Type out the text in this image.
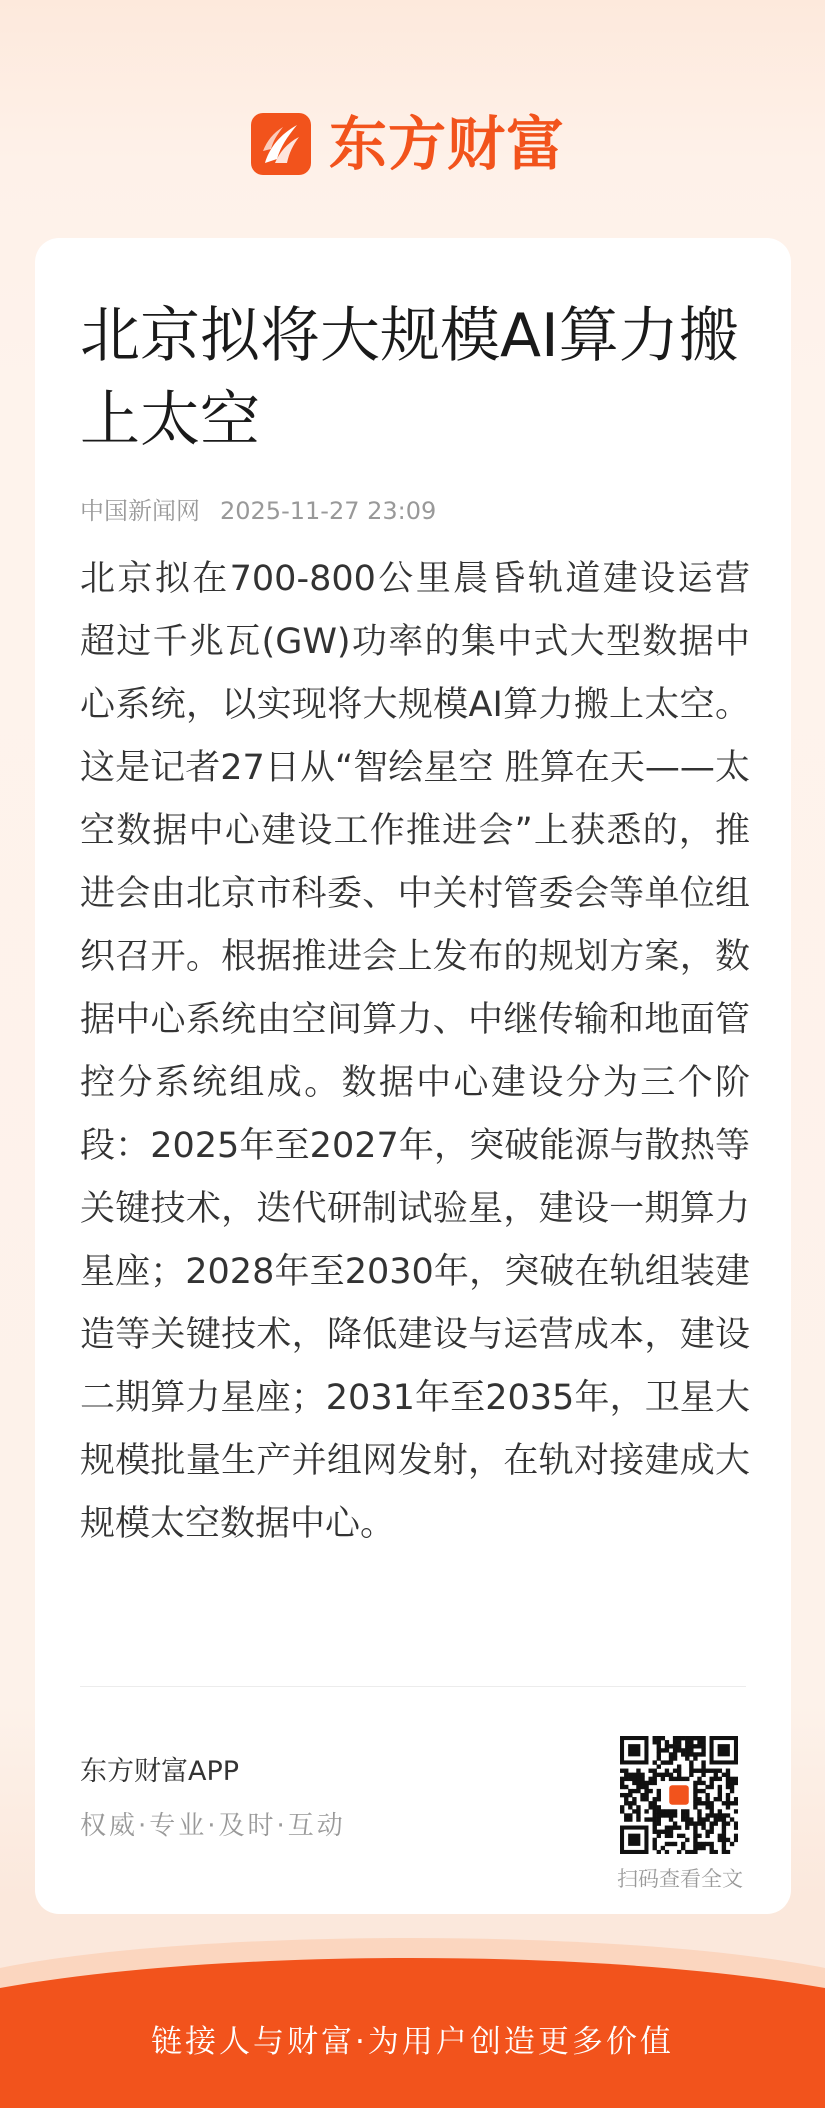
东方财富
北京拟将大规模AI算力搬上太空
中国新闻网 2025-11-27 23:09

北京拟在700-800公里晨昏轨道建设运营超过千兆瓦(GW)功率的集中式大型数据中心系统，以实现将大规模AI算力搬上太空。这是记者27日从“智绘星空 胜算在天——太空数据中心建设工作推进会”上获悉的，推进会由北京市科委、中关村管委会等单位组织召开。根据推进会上发布的规划方案，数据中心系统由空间算力、中继传输和地面管控分系统组成。数据中心建设分为三个阶段：2025年至2027年，突破能源与散热等关键技术，迭代研制试验星，建设一期算力星座；2028年至2030年，突破在轨组装建造等关键技术，降低建设与运营成本，建设二期算力星座；2031年至2035年，卫星大规模批量生产并组网发射，在轨对接建成大规模太空数据中心。

东方财富APP
权威·专业·及时·互动
扫码查看全文
链接人与财富·为用户创造更多价值
